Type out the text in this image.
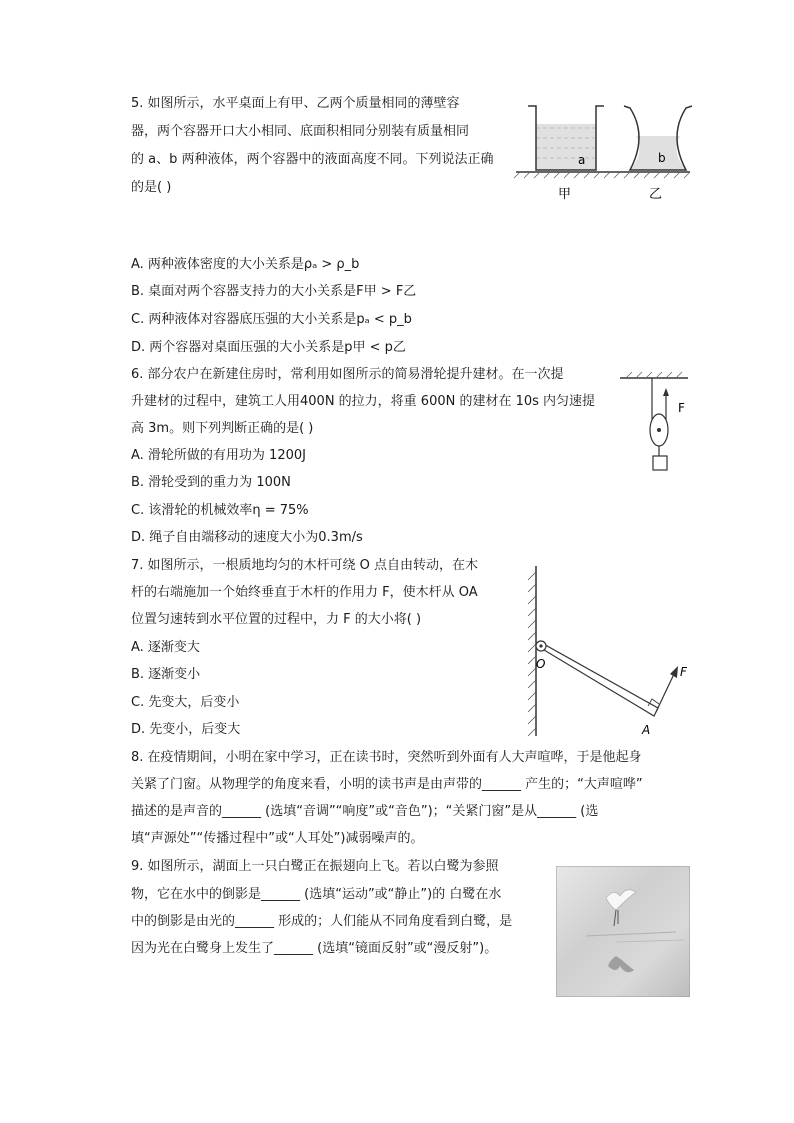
5. 如图所示，水平桌面上有甲、乙两个质量相同的薄壁容
器，两个容器开口大小相同、底面积相同分别装有质量相同
的 a、b 两种液体，两个容器中的液面高度不同。下列说法正确
的是( )
A. 两种液体密度的大小关系是ρₐ > ρ_b
B. 桌面对两个容器支持力的大小关系是F甲 > F乙
C. 两种液体对容器底压强的大小关系是pₐ < p_b
D. 两个容器对桌面压强的大小关系是p甲 < p乙
a	b
甲	乙
6. 部分农户在新建住房时，常利用如图所示的简易滑轮提升建材。在一次提
升建材的过程中，建筑工人用400N 的拉力，将重 600N 的建材在 10s 内匀速提
高 3m。则下列判断正确的是( )
A. 滑轮所做的有用功为 1200J
B. 滑轮受到的重力为 100N
C. 该滑轮的机械效率η = 75%
D. 绳子自由端移动的速度大小为0.3m/s
F
7. 如图所示，一根质地均匀的木杆可绕 O 点自由转动，在木
杆的右端施加一个始终垂直于木杆的作用力 F，使木杆从 OA
位置匀速转到水平位置的过程中，力 F 的大小将( )
A. 逐渐变大
B. 逐渐变小
C. 先变大，后变小
D. 先变小，后变大
O
A
F
8. 在疫情期间，小明在家中学习，正在读书时，突然听到外面有人大声喧哗，于是他起身
关紧了门窗。从物理学的角度来看，小明的读书声是由声带的______ 产生的；“大声喧哗”
描述的是声音的______ (选填“音调”“响度”或“音色”)；“关紧门窗”是从______ (选
填“声源处”“传播过程中”或“人耳处”)减弱噪声的。
9. 如图所示，湖面上一只白鹭正在振翅向上飞。若以白鹭为参照
物，它在水中的倒影是______ (选填“运动”或“静止”)的 白鹭在水
中的倒影是由光的______ 形成的；人们能从不同角度看到白鹭，是
因为光在白鹭身上发生了______ (选填“镜面反射”或“漫反射”)。
